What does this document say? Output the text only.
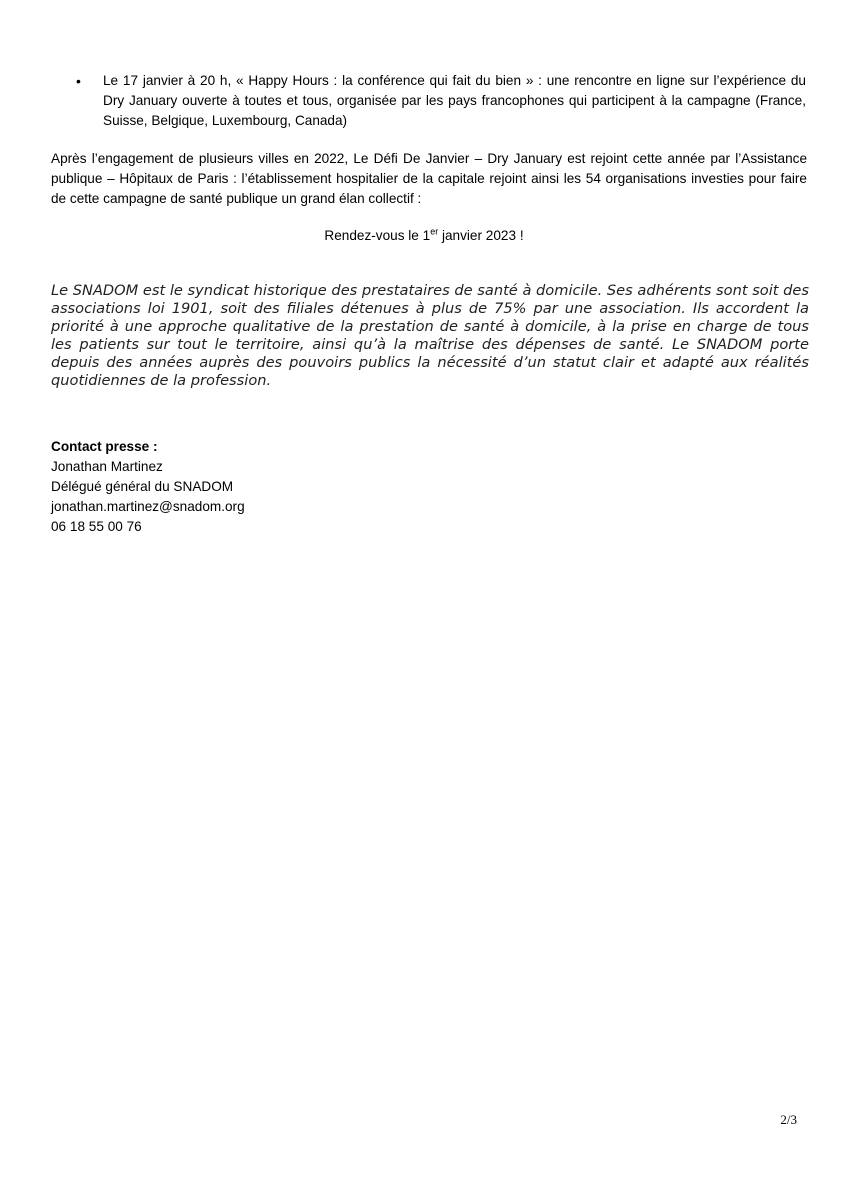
• Le 17 janvier à 20 h, « Happy Hours : la conférence qui fait du bien » : une rencontre en ligne sur l’expérience du Dry January ouverte à toutes et tous, organisée par les pays francophones qui participent à la campagne (France, Suisse, Belgique, Luxembourg, Canada)
Après l’engagement de plusieurs villes en 2022, Le Défi De Janvier – Dry January est rejoint cette année par l’Assistance publique – Hôpitaux de Paris : l’établissement hospitalier de la capitale rejoint ainsi les 54 organisations investies pour faire de cette campagne de santé publique un grand élan collectif :
Rendez-vous le 1er janvier 2023 !
Le SNADOM est le syndicat historique des prestataires de santé à domicile. Ses adhérents sont soit des associations loi 1901, soit des filiales détenues à plus de 75% par une association. Ils accordent la priorité à une approche qualitative de la prestation de santé à domicile, à la prise en charge de tous les patients sur tout le territoire, ainsi qu’à la maîtrise des dépenses de santé. Le SNADOM porte depuis des années auprès des pouvoirs publics la nécessité d’un statut clair et adapté aux réalités quotidiennes de la profession.
Contact presse :
Jonathan Martinez
Délégué général du SNADOM
jonathan.martinez@snadom.org
06 18 55 00 76
2/3
